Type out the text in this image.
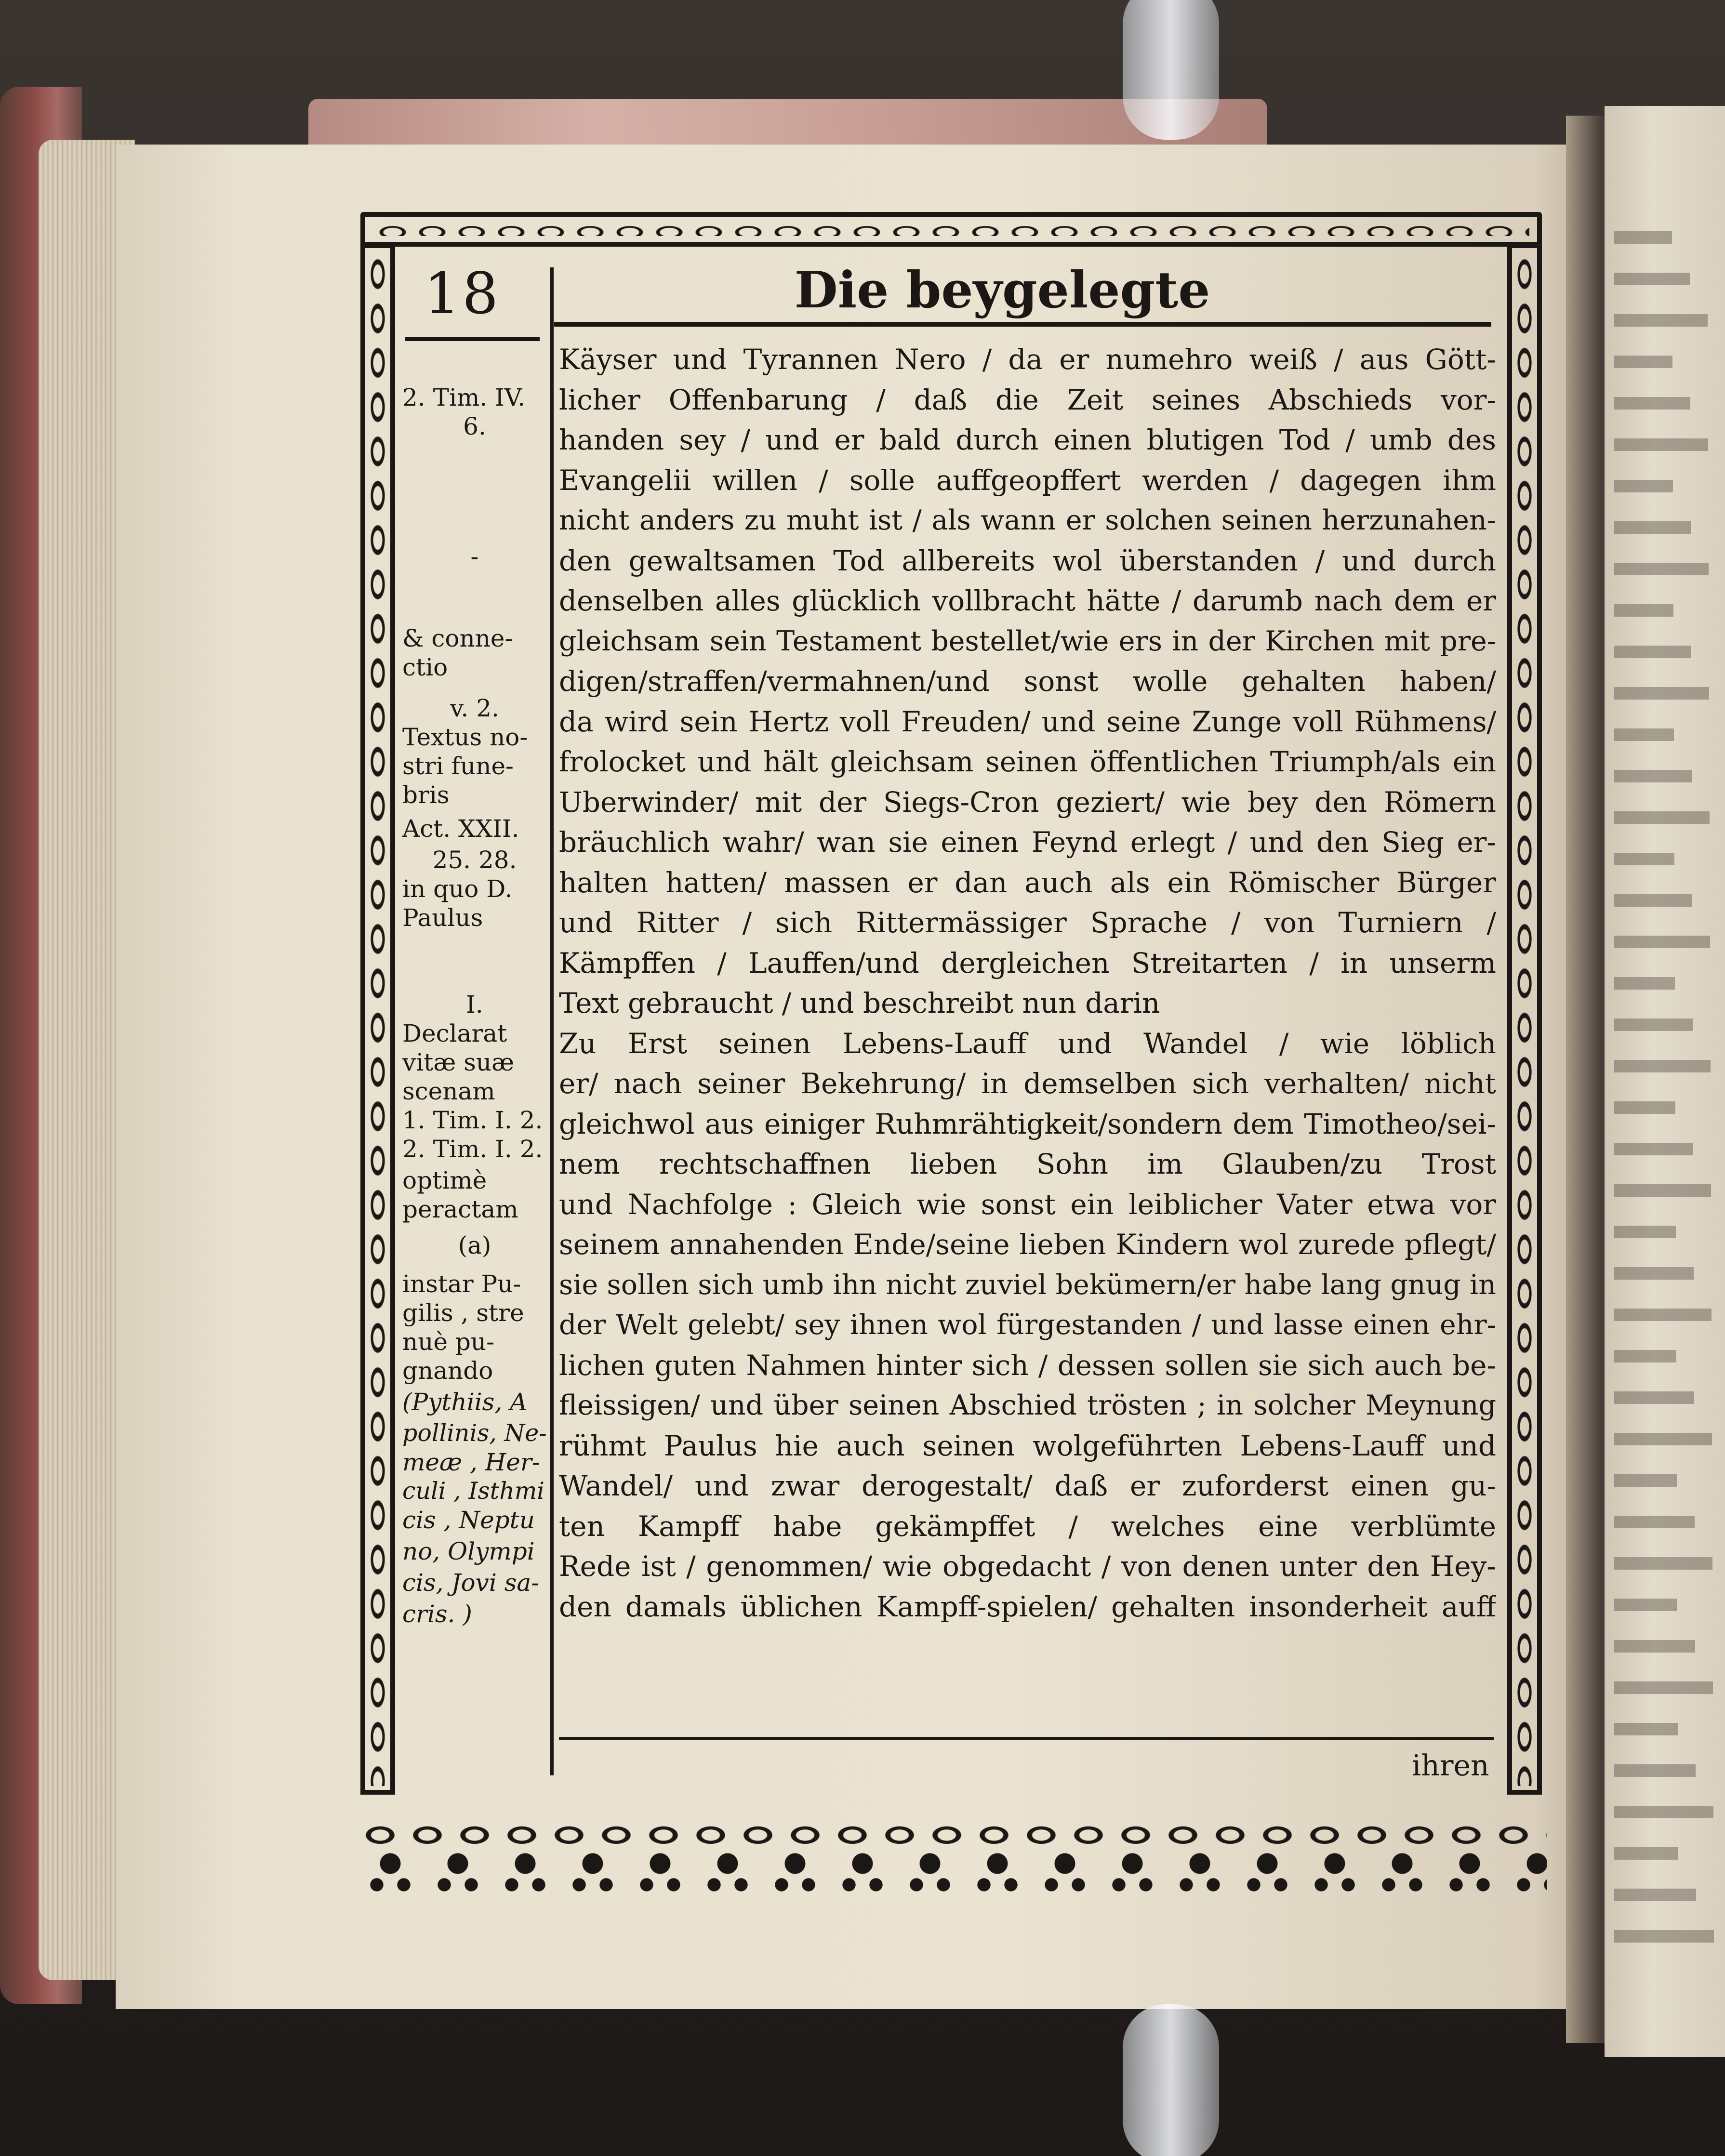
18	Die beygelegte
2. Tim. IV.
6.
-
& conne-
ctio
v. 2.
Textus no-
stri fune-
bris
Act. XXII.
25. 28.
in quo D.
Paulus
I.
Declarat
vitæ suæ
scenam
1. Tim. I. 2.
2. Tim. I. 2.
optimè
peractam
(a)
instar Pu-
gilis , stre
nuè pu-
gnando
(Pythiis, A
pollinis, Ne-
meæ , Her-
culi , Isthmi
cis , Neptu
no, Olympi
cis, Jovi sa-
cris. )
Käyser und Tyrannen Nero / da er numehro weiß / aus Gött-
licher Offenbarung / daß die Zeit seines Abschieds vor-
handen sey / und er bald durch einen blutigen Tod / umb des
Evangelii willen / solle auffgeopffert werden / dagegen ihm
nicht anders zu muht ist / als wann er solchen seinen herzunahen-
den gewaltsamen Tod allbereits wol überstanden / und durch
denselben alles glücklich vollbracht hätte / darumb nach dem er
gleichsam sein Testament bestellet/wie ers in der Kirchen mit pre-
digen/straffen/vermahnen/und sonst wolle gehalten haben/
da wird sein Hertz voll Freuden/ und seine Zunge voll Rühmens/
frolocket und hält gleichsam seinen öffentlichen Triumph/als ein
Uberwinder/ mit der Siegs-Cron geziert/ wie bey den Römern
bräuchlich wahr/ wan sie einen Feynd erlegt / und den Sieg er-
halten hatten/ massen er dan auch als ein Römischer Bürger
und Ritter / sich Rittermässiger Sprache / von Turniern /
Kämpffen / Lauffen/und dergleichen Streitarten / in unserm
Text gebraucht / und beschreibt nun darin
Zu Erst seinen Lebens-Lauff und Wandel / wie löblich
er/ nach seiner Bekehrung/ in demselben sich verhalten/ nicht
gleichwol aus einiger Ruhmrähtigkeit/sondern dem Timotheo/sei-
nem rechtschaffnen lieben Sohn im Glauben/zu Trost
und Nachfolge : Gleich wie sonst ein leiblicher Vater etwa vor
seinem annahenden Ende/seine lieben Kindern wol zurede pflegt/
sie sollen sich umb ihn nicht zuviel bekümern/er habe lang gnug in
der Welt gelebt/ sey ihnen wol fürgestanden / und lasse einen ehr-
lichen guten Nahmen hinter sich / dessen sollen sie sich auch be-
fleissigen/ und über seinen Abschied trösten ; in solcher Meynung
rühmt Paulus hie auch seinen wolgeführten Lebens-Lauff und
Wandel/ und zwar derogestalt/ daß er zuforderst einen gu-
ten Kampff habe gekämpffet / welches eine verblümte
Rede ist / genommen/ wie obgedacht / von denen unter den Hey-
den damals üblichen Kampff-spielen/ gehalten insonderheit auff
ihren
